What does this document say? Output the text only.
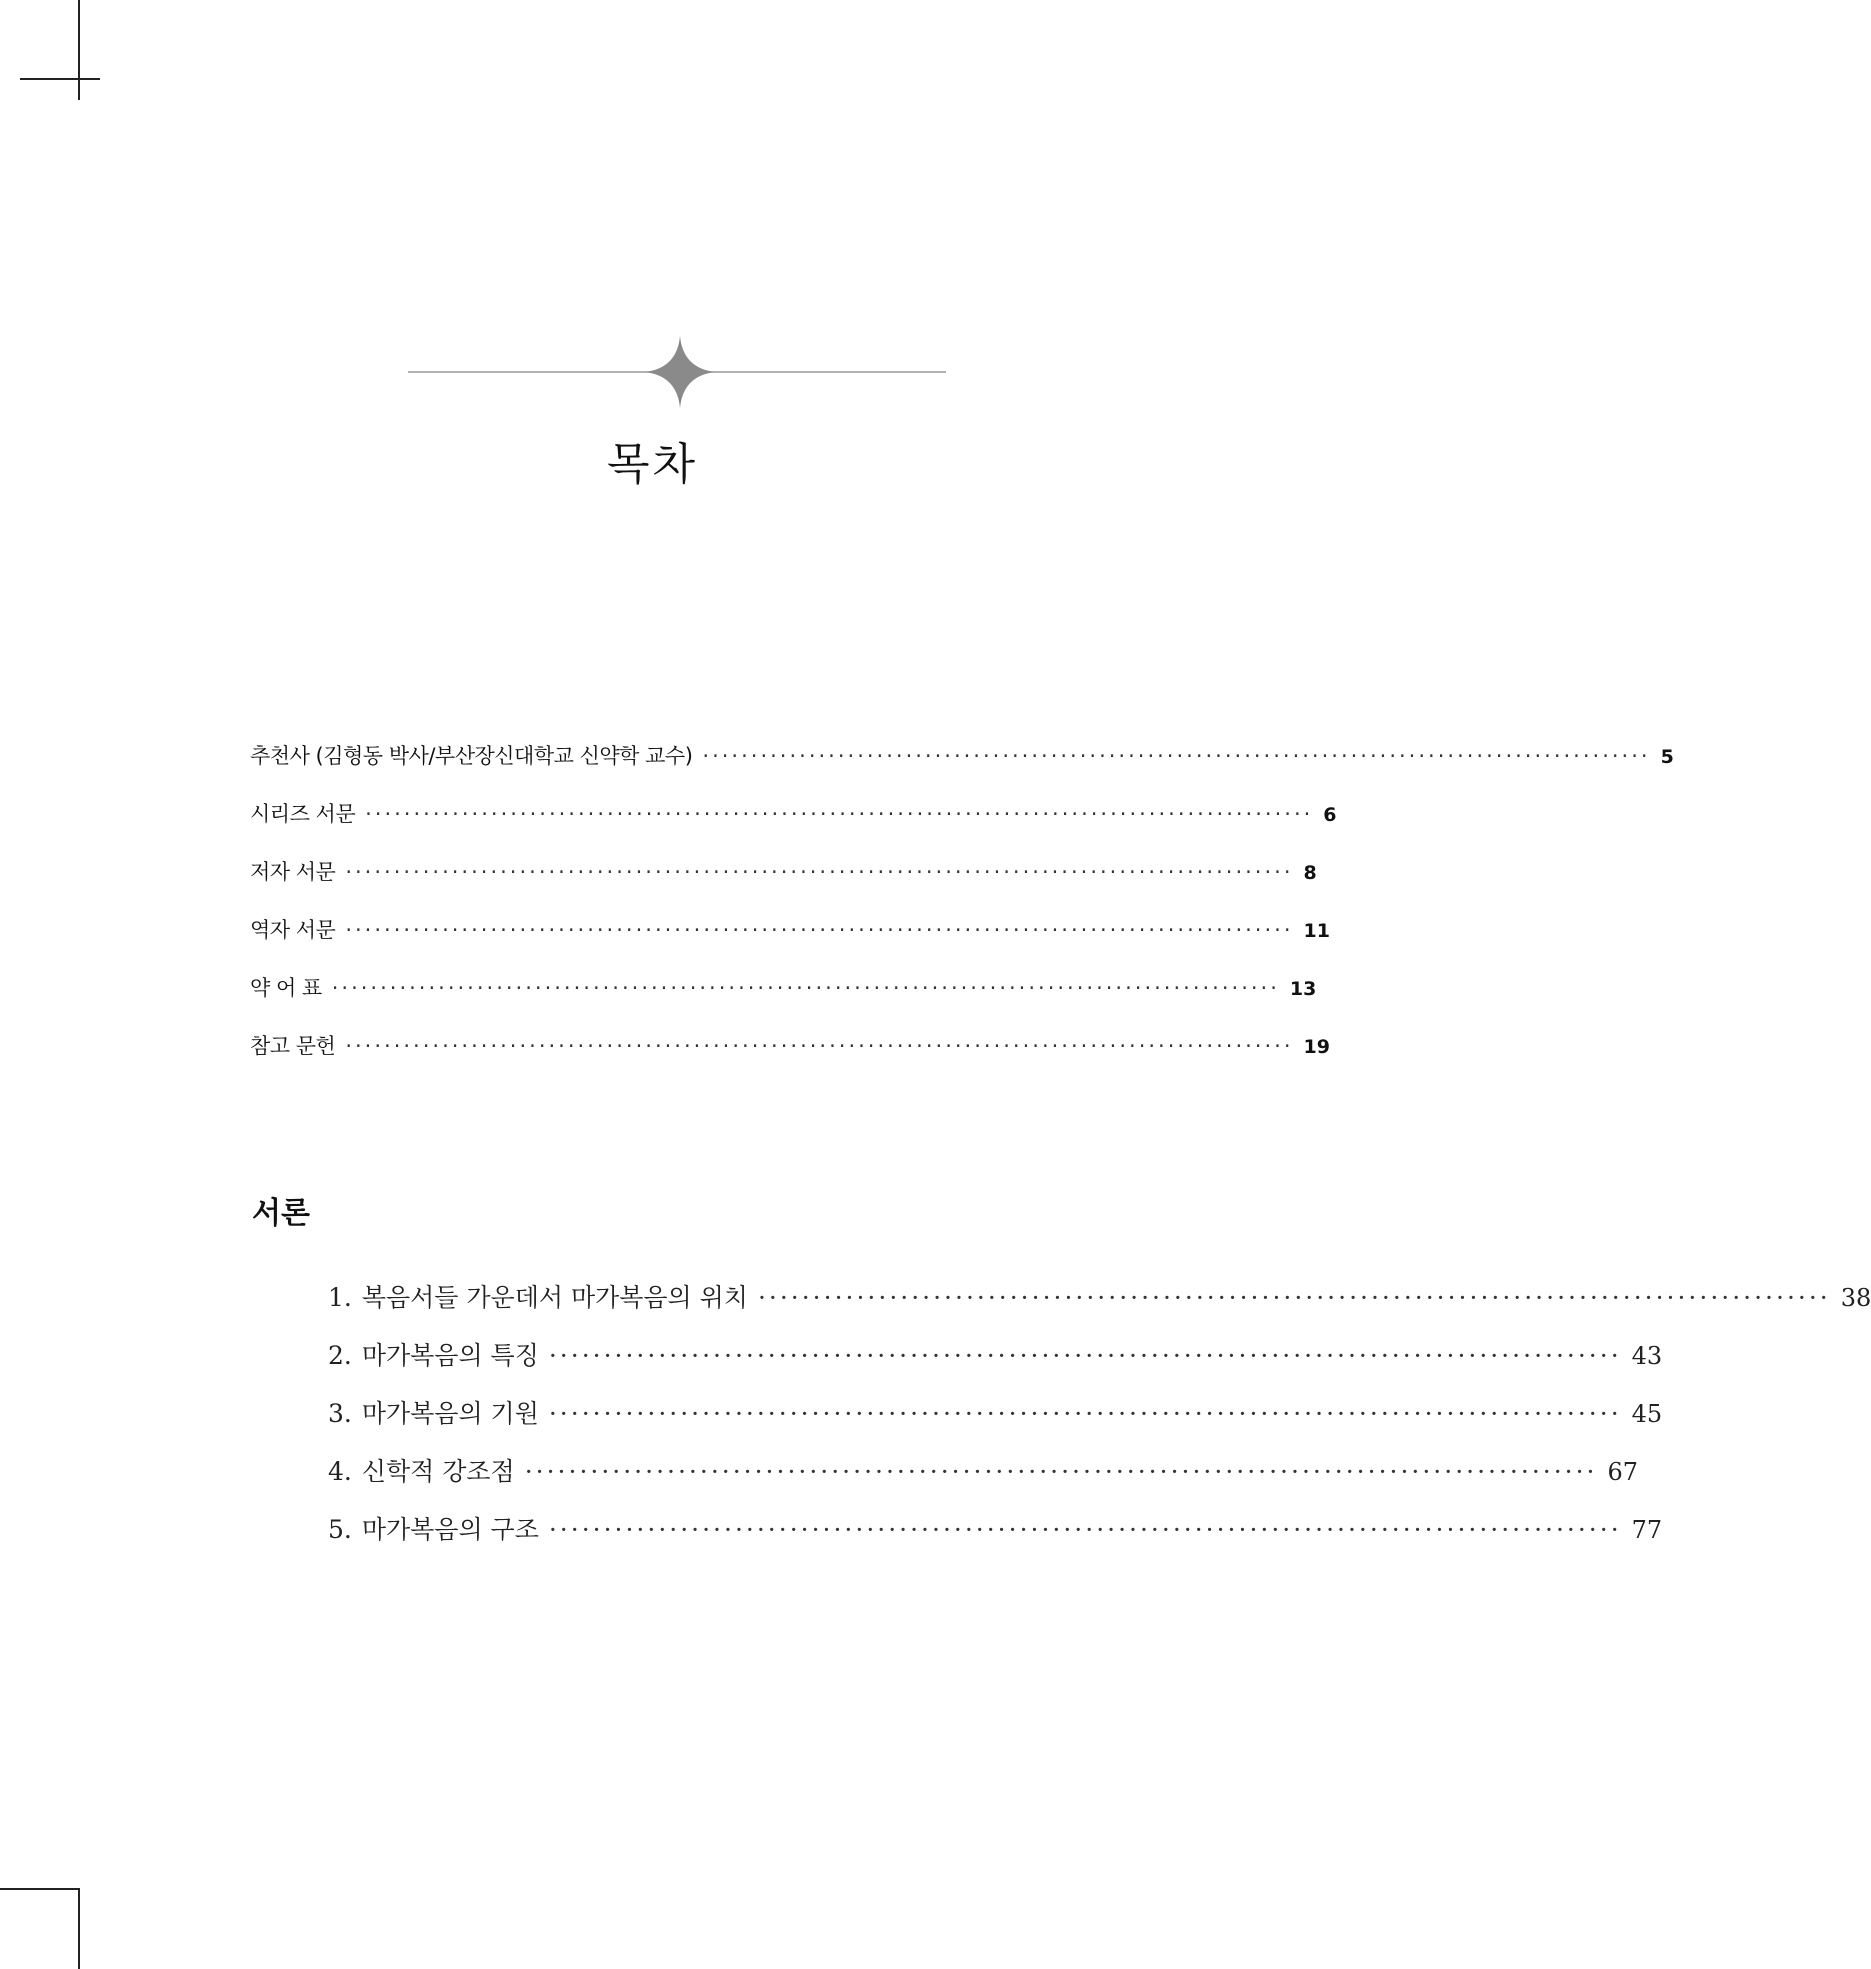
목차
추천사 (김형동 박사/부산장신대학교 신약학 교수) ·································································································· 5
시리즈 서문 ·································································································· 6
저자 서문 ·································································································· 8
역자 서문 ·································································································· 11
약 어 표 ·································································································· 13
참고 문헌 ·································································································· 19
서론
1. 복음서들 가운데서 마가복음의 위치 ·································································································· 38
2. 마가복음의 특징 ·································································································· 43
3. 마가복음의 기원 ·································································································· 45
4. 신학적 강조점 ·································································································· 67
5. 마가복음의 구조 ·································································································· 77
